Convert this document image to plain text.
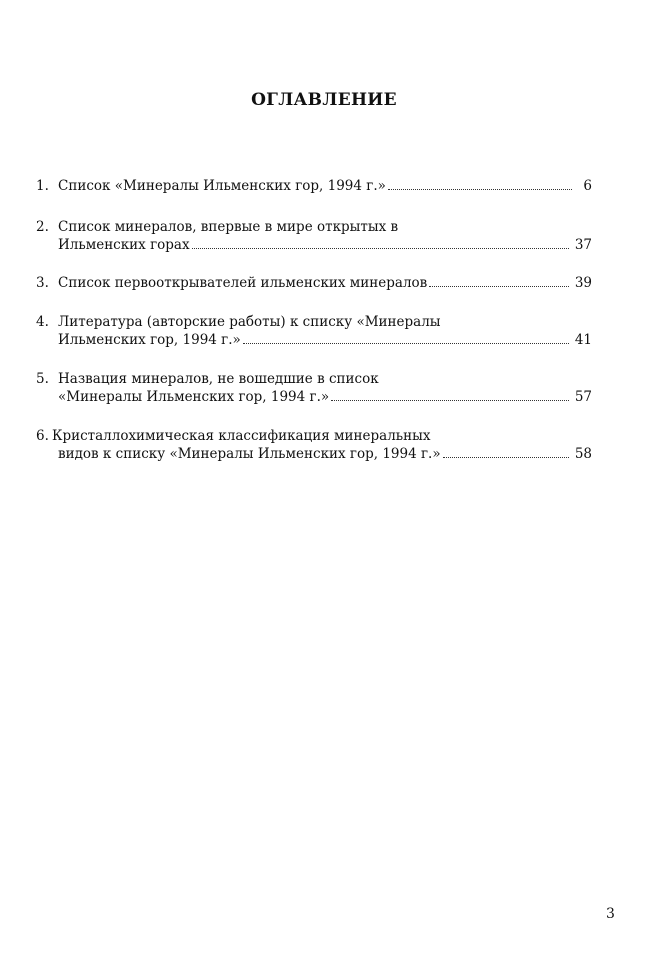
ОГЛАВЛЕНИЕ
1. Список «Минералы Ильменских гор, 1994 г.»	6
2. Список минералов, впервые в мире открытых в
Ильменских горах	37
3. Список первооткрывателей ильменских минералов	39
4. Литература (авторские работы) к списку «Минералы
Ильменских гор, 1994 г.»	41
5. Назвация минералов, не вошедшие в список
«Минералы Ильменских гор, 1994 г.»	57
6. Кристаллохимическая классификация минеральных
видов к списку «Минералы Ильменских гор, 1994 г.»	58
3
